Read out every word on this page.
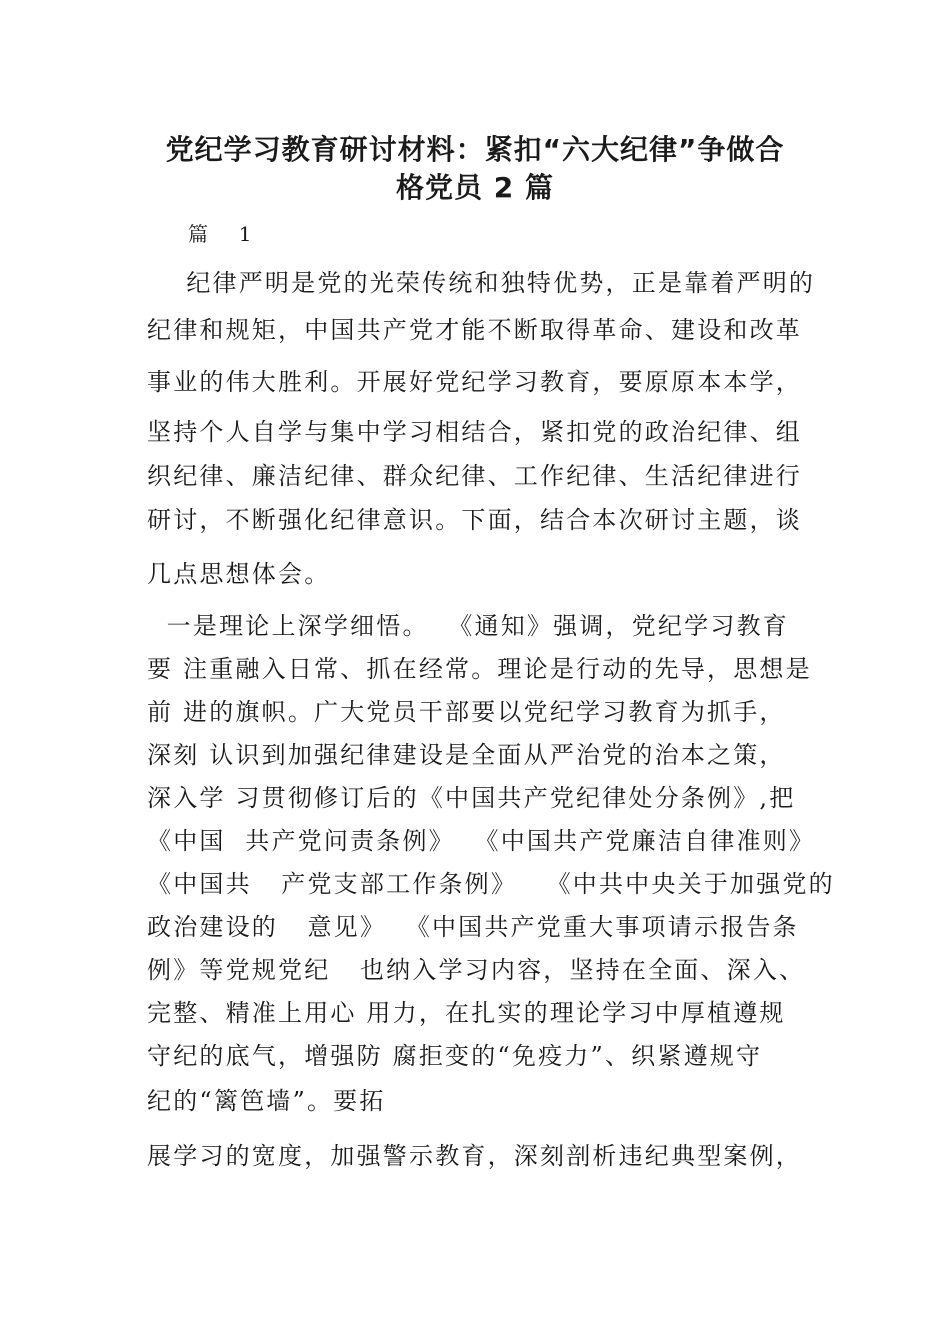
党纪学习教育研讨材料：紧扣“六大纪律”争做合
格党员 2 篇

篇  1

纪律严明是党的光荣传统和独特优势，正是靠着严明的

纪律和规矩，中国共产党才能不断取得革命、建设和改革

事业的伟大胜利。开展好党纪学习教育，要原原本本学，

坚持个人自学与集中学习相结合，紧扣党的政治纪律、组

织纪律、廉洁纪律、群众纪律、工作纪律、生活纪律进行

研讨，不断强化纪律意识。下面，结合本次研讨主题，谈

几点思想体会。

一是理论上深学细悟。  《通知》强调，党纪学习教育

要 注重融入日常、抓在经常。理论是行动的先导，思想是

前 进的旗帜。广大党员干部要以党纪学习教育为抓手，

深刻 认识到加强纪律建设是全面从严治党的治本之策，

深入学 习贯彻修订后的《中国共产党纪律处分条例》,把

《中国  共产党问责条例》  《中国共产党廉洁自律准则》

《中国共   产党支部工作条例》   《中共中央关于加强党的

政治建设的   意见》  《中国共产党重大事项请示报告条

例》等党规党纪   也纳入学习内容，坚持在全面、深入、

完整、精准上用心 用力，在扎实的理论学习中厚植遵规

守纪的底气，增强防 腐拒变的“免疫力”、织紧遵规守

纪的“篱笆墙”。要拓

展学习的宽度，加强警示教育，深刻剖析违纪典型案例，
